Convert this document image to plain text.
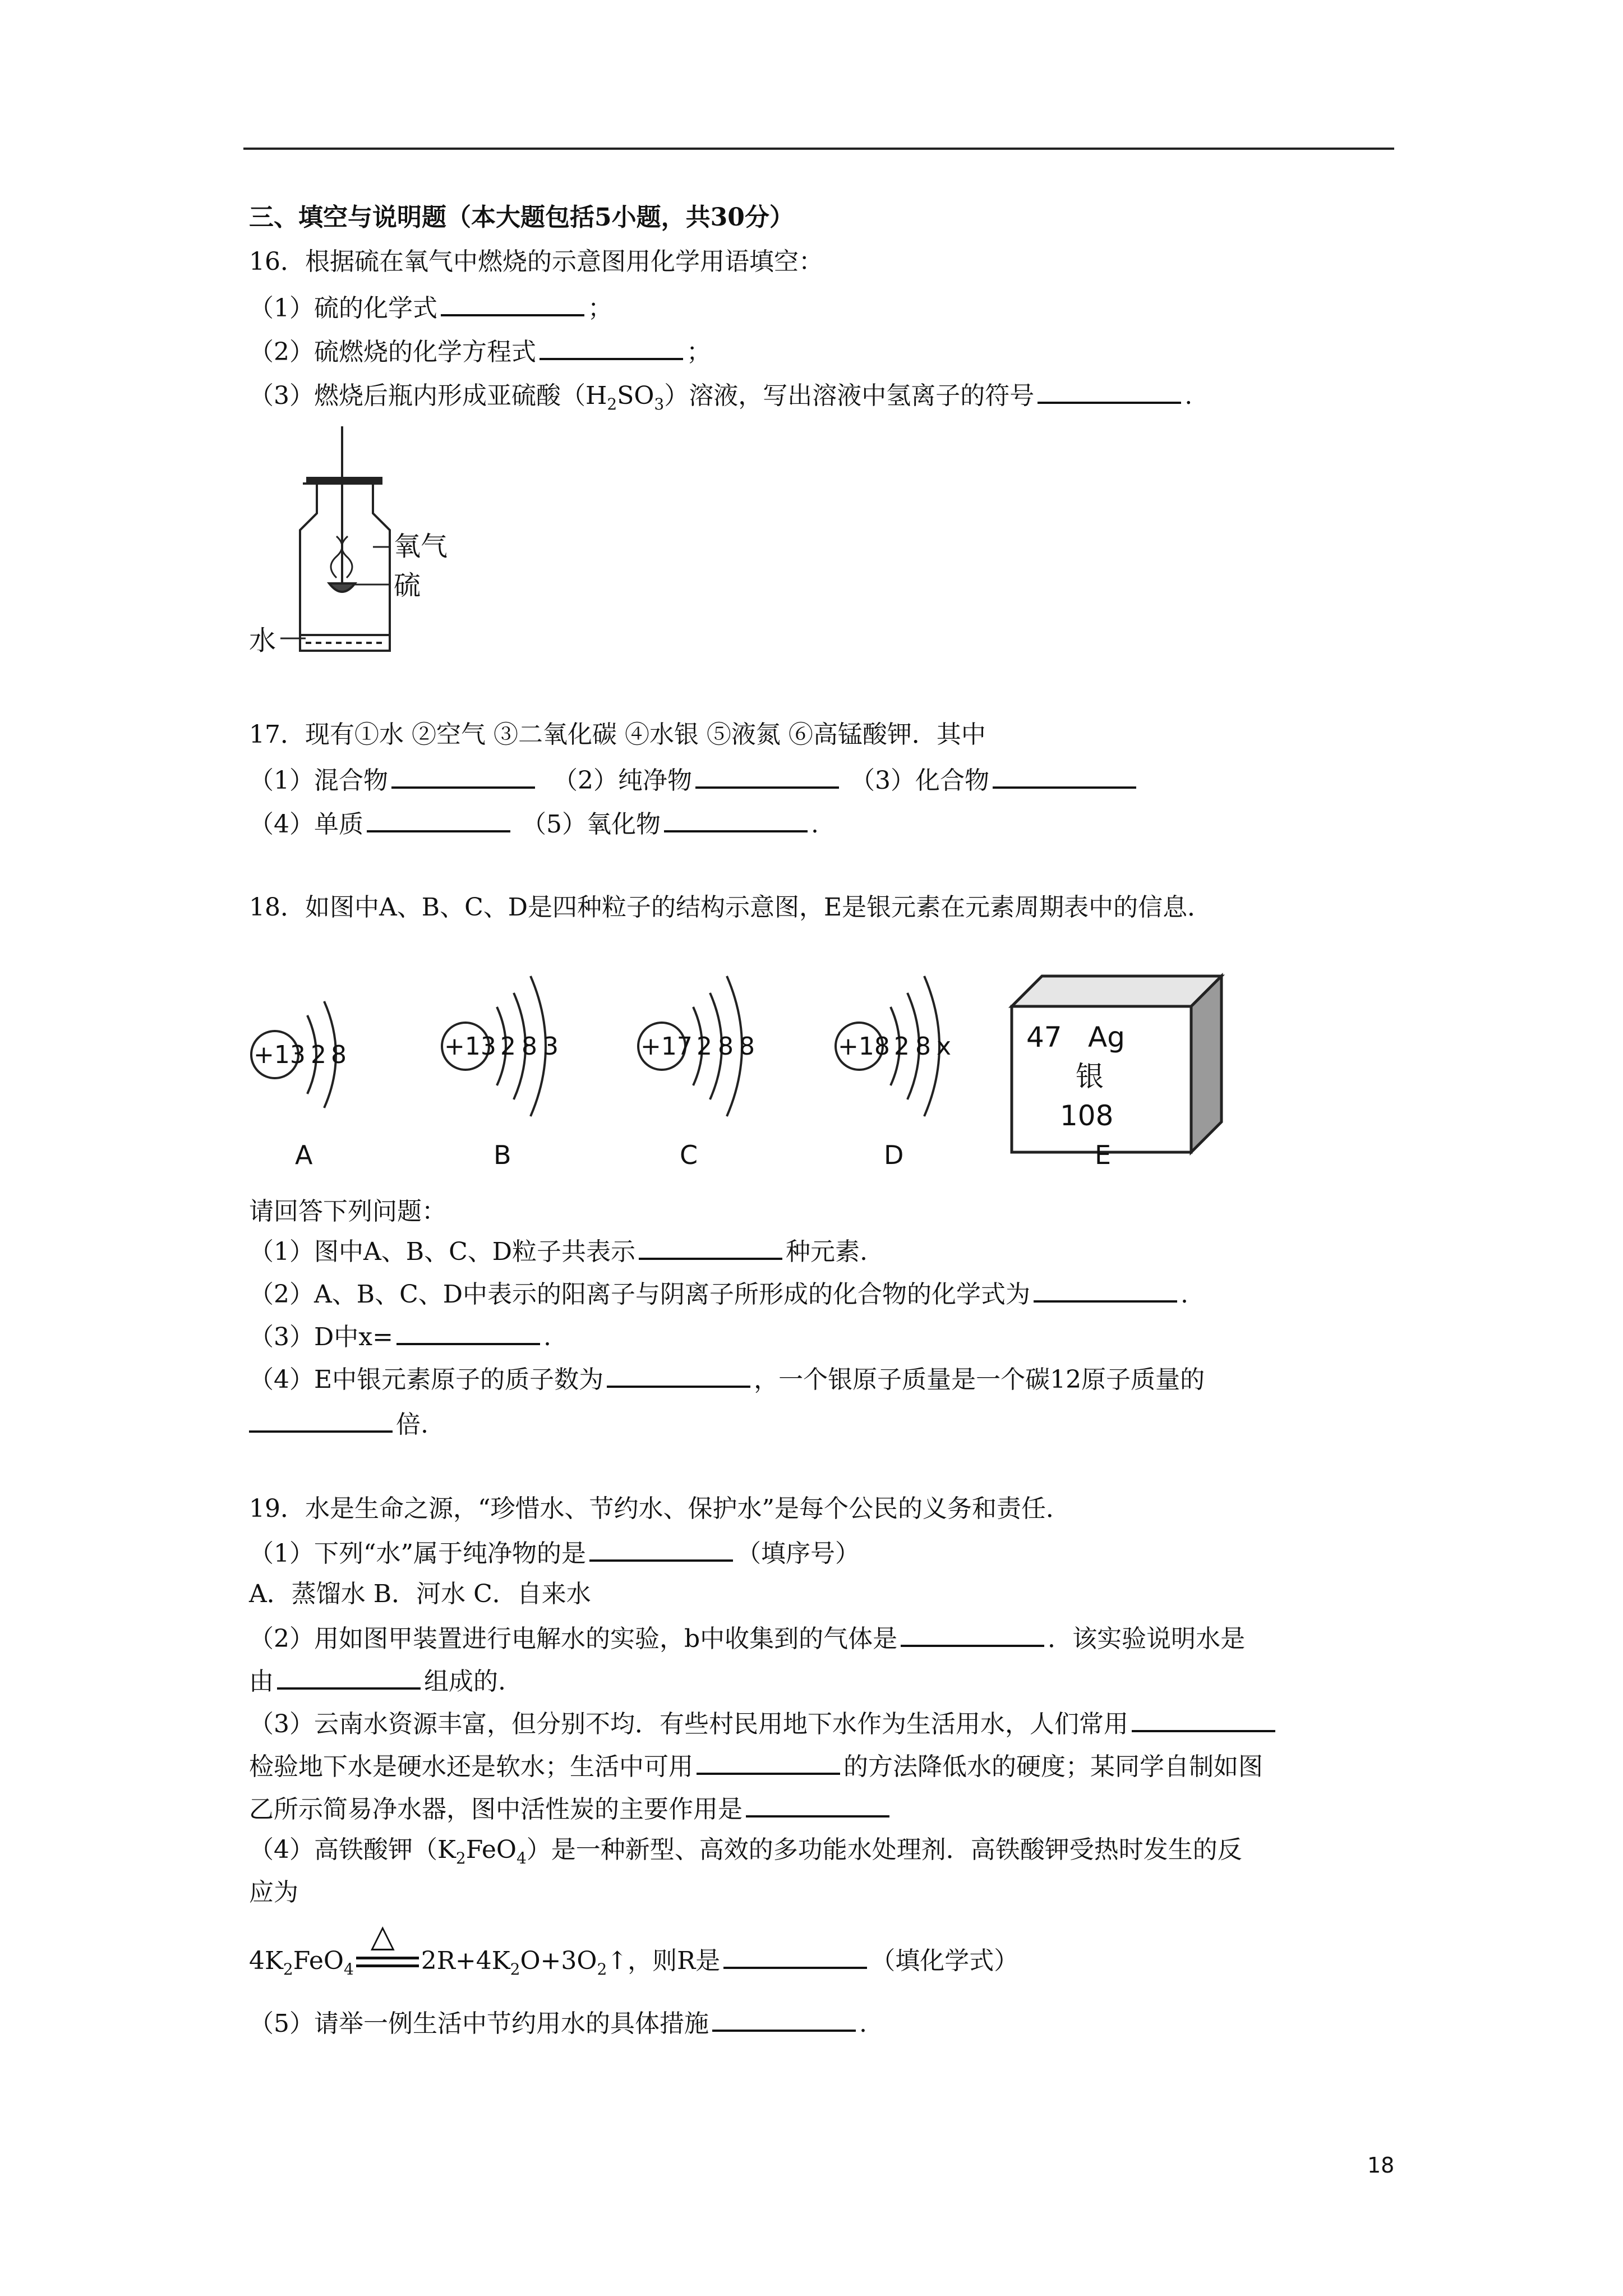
三、填空与说明题（本大题包括5小题，共30分）
16．根据硫在氧气中燃烧的示意图用化学用语填空：
（1）硫的化学式	；
（2）硫燃烧的化学方程式	；
（3）燃烧后瓶内形成亚硫酸$(H_2SO_3)$溶液，写出溶液中氢离子的符号	.
氧气
硫
水
17．现有①水 ②空气 ③二氧化碳 ④水银 ⑤液氮 ⑥高锰酸钾．其中
（1）混合物	（2）纯净物	（3）化合物
（4）单质	（5）氧化物	.
18．如图中A、B、C、D是四种粒子的结构示意图，E是银元素在元素周期表中的信息．
+13 2 8	+13 2 8 3	+17 2 8 8	+18 2 8 x	47 Ag
银
108
A	B	C	D	E
请回答下列问题：
（1）图中A、B、C、D粒子共表示	种元素.
（2）A、B、C、D中表示的阳离子与阴离子所形成的化合物的化学式为	.
（3）D中x=	.
（4）E中银元素原子的质子数为	，一个银原子质量是一个碳12原子质量的
倍.
19．水是生命之源，“珍惜水、节约水、保护水”是每个公民的义务和责任．
（1）下列“水”属于纯净物的是	（填序号）
A．蒸馏水 B．河水 C．自来水
（2）用如图甲装置进行电解水的实验，b中收集到的气体是	．该实验说明水是
由	组成的.
（3）云南水资源丰富，但分别不均．有些村民用地下水作为生活用水，人们常用
检验地下水是硬水还是软水；生活中可用	的方法降低水的硬度；某同学自制如图
乙所示简易净水器，图中活性炭的主要作用是
（4）高铁酸钾$(K_2FeO_4)$是一种新型、高效的多功能水处理剂．高铁酸钾受热时发生的反
应为
$4K_2FeO_4$
△
$2R+4K_2O+3O_2↑$，则R是	（填化学式）
（5）请举一例生活中节约用水的具体措施	.
18
